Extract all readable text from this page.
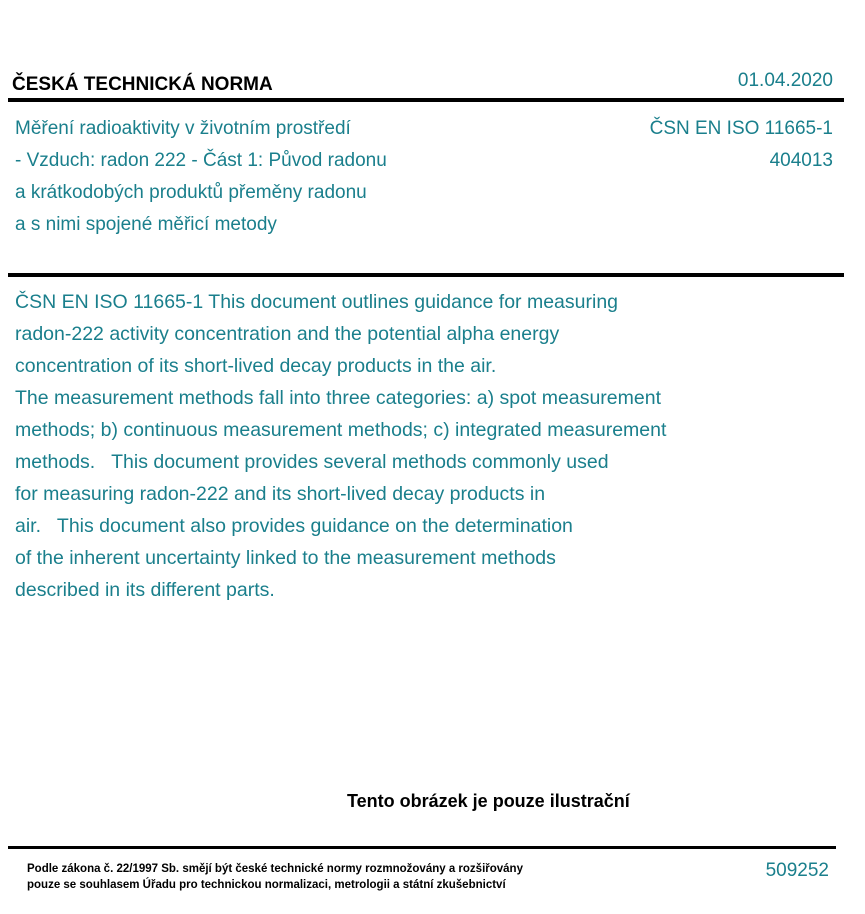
ČESKÁ TECHNICKÁ NORMA	01.04.2020
Měření radioaktivity v životním prostředí
- Vzduch: radon 222 - Část 1: Původ radonu
a krátkodobých produktů přeměny radonu
a s nimi spojené měřicí metody
ČSN EN ISO 11665-1
404013
ČSN EN ISO 11665-1 This document outlines guidance for measuring
radon-222 activity concentration and the potential alpha energy
concentration of its short-lived decay products in the air.
The measurement methods fall into three categories: a) spot measurement
methods; b) continuous measurement methods; c) integrated measurement
methods.   This document provides several methods commonly used
for measuring radon-222 and its short-lived decay products in
air.   This document also provides guidance on the determination
of the inherent uncertainty linked to the measurement methods
described in its different parts.
Tento obrázek je pouze ilustrační
Podle zákona č. 22/1997 Sb. smějí být české technické normy rozmnožovány a rozšiřovány
pouze se souhlasem Úřadu pro technickou normalizaci, metrologii a státní zkušebnictví
509252
